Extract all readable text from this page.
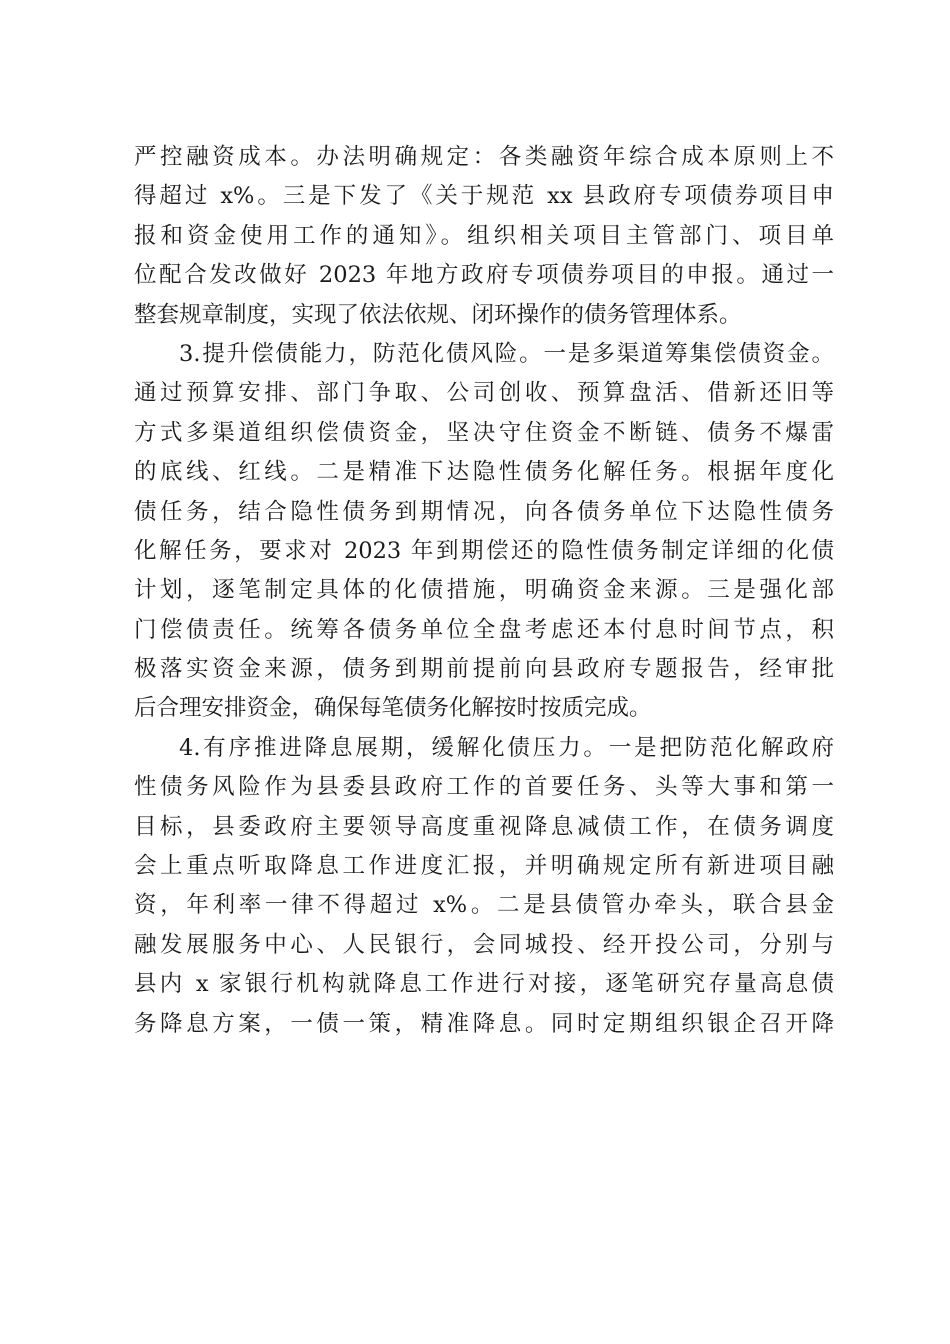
严控融资成本。办法明确规定：各类融资年综合成本原则上不
得超过 x%。三是下发了《关于规范 xx 县政府专项债券项目申
报和资金使用工作的通知》。组织相关项目主管部门、项目单
位配合发改做好 2023 年地方政府专项债券项目的申报。通过一
整套规章制度，实现了依法依规、闭环操作的债务管理体系。
3.提升偿债能力，防范化债风险。一是多渠道筹集偿债资金。
通过预算安排、部门争取、公司创收、预算盘活、借新还旧等
方式多渠道组织偿债资金，坚决守住资金不断链、债务不爆雷
的底线、红线。二是精准下达隐性债务化解任务。根据年度化
债任务，结合隐性债务到期情况，向各债务单位下达隐性债务
化解任务，要求对 2023 年到期偿还的隐性债务制定详细的化债
计划，逐笔制定具体的化债措施，明确资金来源。三是强化部
门偿债责任。统筹各债务单位全盘考虑还本付息时间节点，积
极落实资金来源，债务到期前提前向县政府专题报告，经审批
后合理安排资金，确保每笔债务化解按时按质完成。
4.有序推进降息展期，缓解化债压力。一是把防范化解政府
性债务风险作为县委县政府工作的首要任务、头等大事和第一
目标，县委政府主要领导高度重视降息减债工作，在债务调度
会上重点听取降息工作进度汇报，并明确规定所有新进项目融
资，年利率一律不得超过 x%。二是县债管办牵头，联合县金
融发展服务中心、人民银行，会同城投、经开投公司，分别与
县内 x 家银行机构就降息工作进行对接，逐笔研究存量高息债
务降息方案，一债一策，精准降息。同时定期组织银企召开降
